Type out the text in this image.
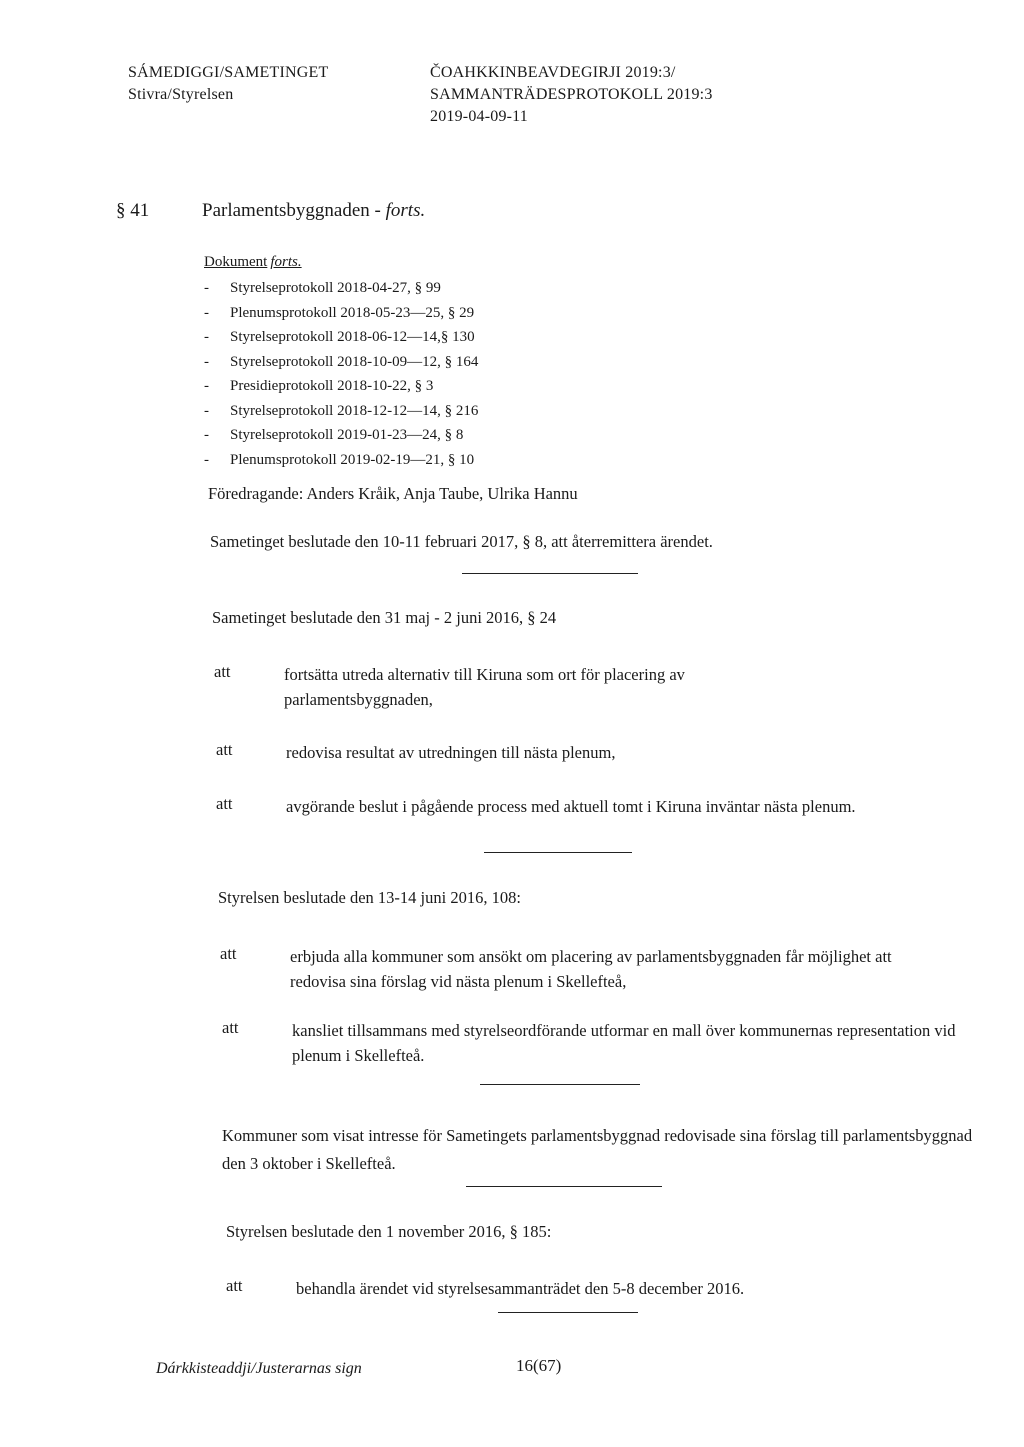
SÁMEDIGGI/SAMETINGET
Stivra/Styrelsen
ČOAHKKINBEAVDEGIRJI 2019:3/
SAMMANTRÄDESPROTOKOLL 2019:3
2019-04-09-11
§ 41	Parlamentsbyggnaden - forts.
Dokument  forts.
- Styrelseprotokoll 2018-04-27, § 99
- Plenumsprotokoll 2018-05-23—25, § 29
- Styrelseprotokoll 2018-06-12—14,§ 130
- Styrelseprotokoll 2018-10-09—12, § 164
- Presidieprotokoll 2018-10-22, § 3
- Styrelseprotokoll 2018-12-12—14, § 216
- Styrelseprotokoll 2019-01-23—24, § 8
- Plenumsprotokoll 2019-02-19—21, § 10
Föredragande: Anders Kråik, Anja Taube, Ulrika Hannu
Sametinget beslutade den 10-11 februari 2017, § 8, att återremittera ärendet.
Sametinget beslutade den 31 maj - 2 juni 2016, § 24
att	fortsätta utreda alternativ till Kiruna som ort för placering av parlamentsbyggnaden,
att	redovisa resultat av utredningen till nästa plenum,
att	avgörande beslut i pågående process med aktuell tomt i Kiruna inväntar nästa plenum.
Styrelsen beslutade den 13-14 juni 2016, 108:
att	erbjuda alla kommuner som ansökt om placering av parlamentsbyggnaden får möjlighet att redovisa sina förslag vid nästa plenum i Skellefteå,
att	kansliet tillsammans med styrelseordförande utformar en mall över kommunernas representation vid plenum i Skellefteå.
Kommuner som visat intresse för Sametingets parlamentsbyggnad redovisade sina förslag till parlamentsbyggnad den 3 oktober i Skellefteå.
Styrelsen beslutade den 1 november 2016, § 185:
att	behandla ärendet vid styrelsesammanträdet den 5-8 december 2016.
Dárkkisteaddji/Justerarnas sign	16(67)
